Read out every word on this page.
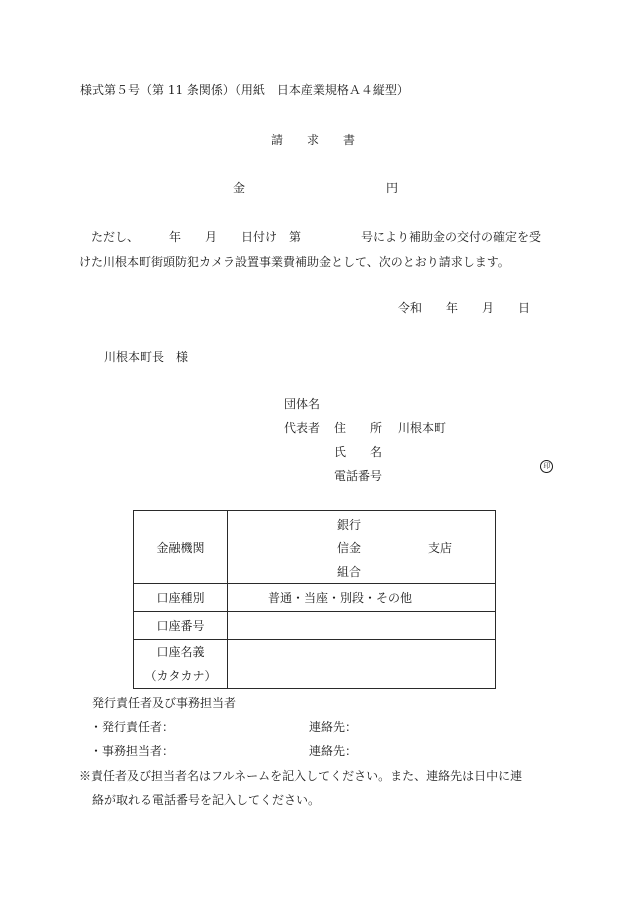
様式第５号（第 11 条関係）（用紙　日本産業規格Ａ４縦型）
請　　求　　書
金	円
ただし、　　　年　　月　　日付け　第　　　　　号により補助金の交付の確定を受
けた川根本町街頭防犯カメラ設置事業費補助金として、次のとおり請求します。
令和　　年　　月　　日
川根本町長　様
団体名
代表者 住　　所 川根本町
氏　　名

印

電話番号
金融機関	銀行
信金 支店
組合

口座種別	普通・当座・別段・その他
口座番号	

口座名義
（カタカナ）	

発行責任者及び事務担当者
・発行責任者：	連絡先：
・事務担当者：	連絡先：
※責任者及び担当者名はフルネームを記入してください。また、連絡先は日中に連
絡が取れる電話番号を記入してください。
